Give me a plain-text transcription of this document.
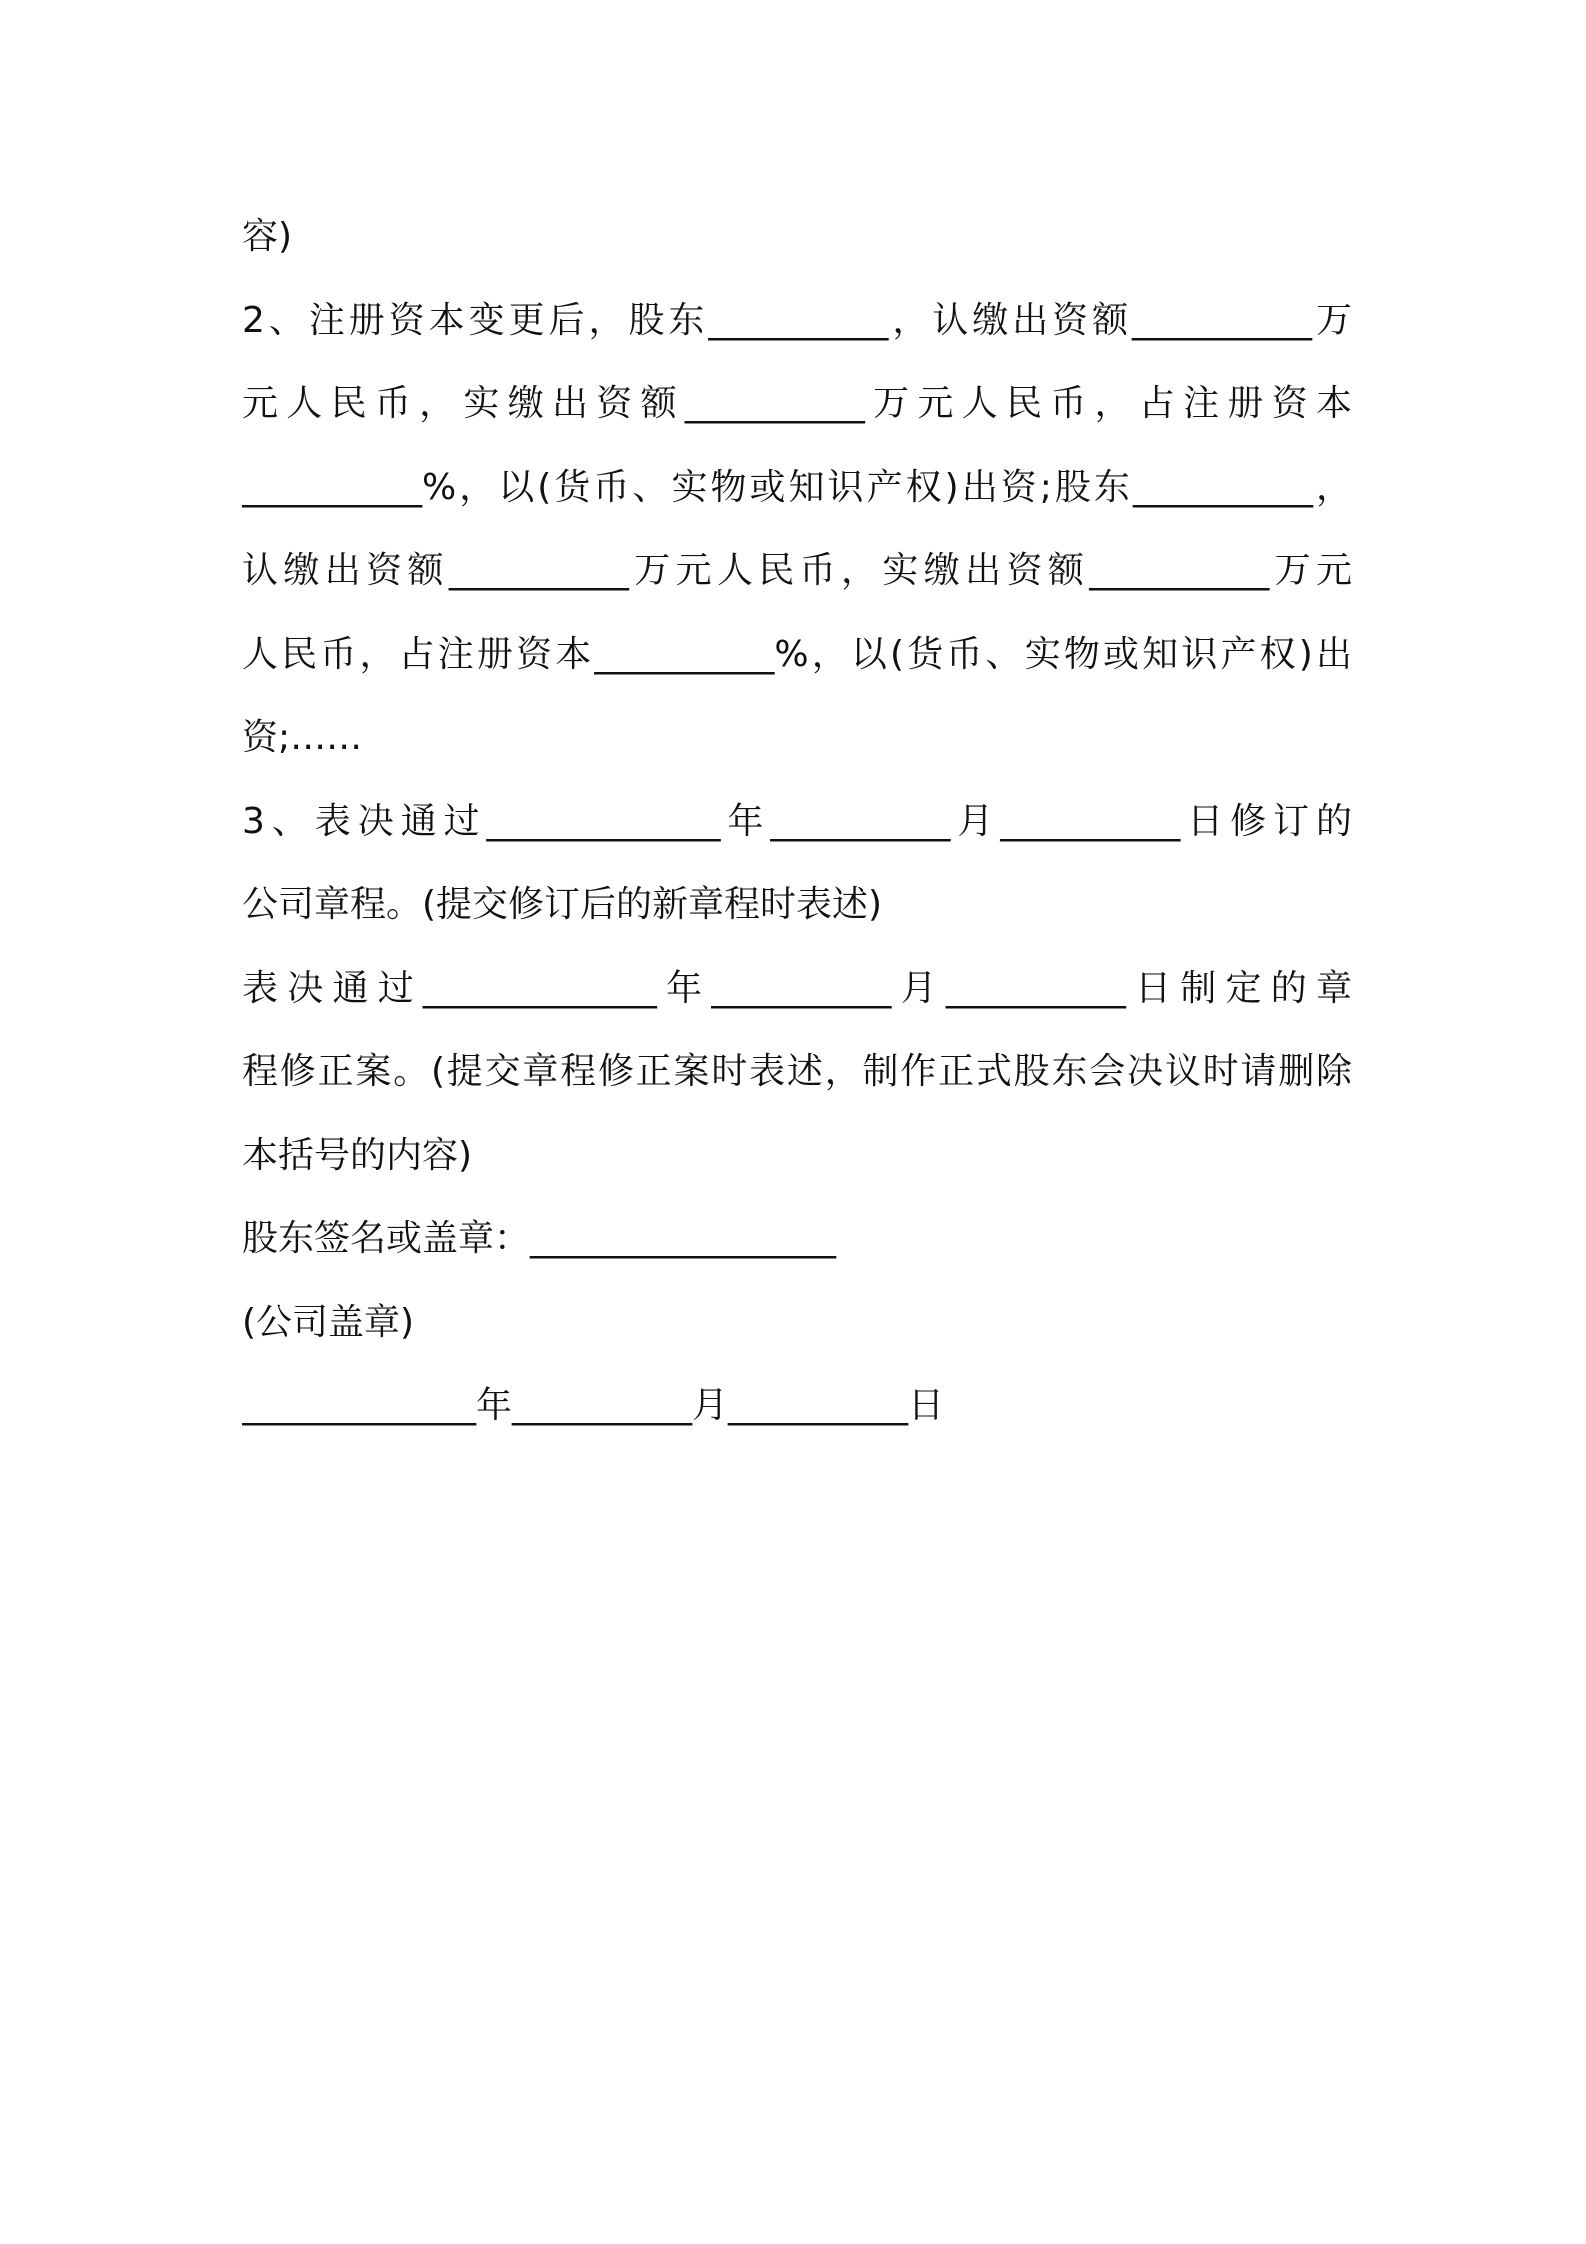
容)
2、注册资本变更后，股东__________，认缴出资额__________万
元人民币，实缴出资额__________万元人民币，占注册资本
__________%，以(货币、实物或知识产权)出资;股东__________，
认缴出资额__________万元人民币，实缴出资额__________万元
人民币，占注册资本__________%，以(货币、实物或知识产权)出
资;……
3、表决通过_____________年__________月__________日修订的
公司章程。(提交修订后的新章程时表述)
表决通过_____________年__________月__________日制定的章
程修正案。(提交章程修正案时表述，制作正式股东会决议时请删除
本括号的内容)
股东签名或盖章：_________________
(公司盖章)
_____________年__________月__________日
